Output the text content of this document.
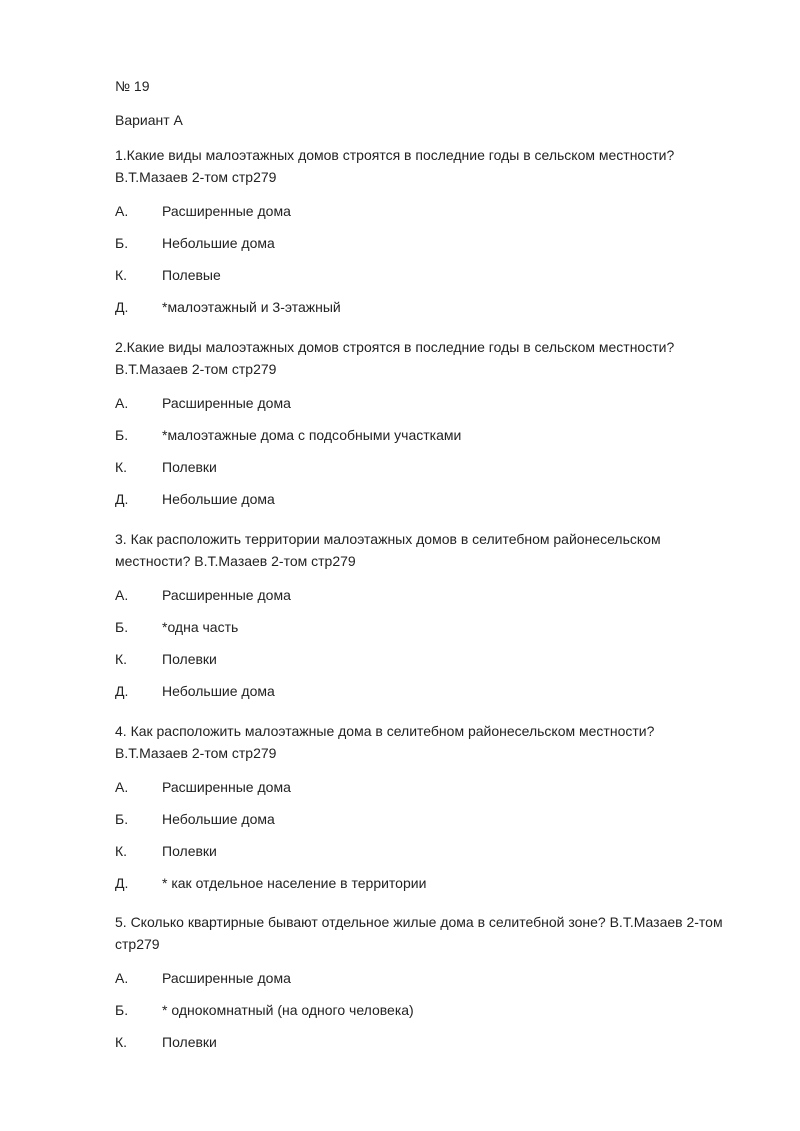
№ 19
Вариант А

1.Какие виды малоэтажных домов строятся в последние годы в сельском местности? В.Т.Мазаев 2-том стр279

А. Расширенные дома
Б. Небольшие дома
К. Полевые
Д. *малоэтажный и 3-этажный

2.Какие виды малоэтажных домов строятся в последние годы в сельском местности? В.Т.Мазаев 2-том стр279

А. Расширенные дома
Б. *малоэтажные дома с подсобными участками
К. Полевки
Д. Небольшие дома

3. Как расположить территории малоэтажных домов в селитебном районесельском местности? В.Т.Мазаев 2-том стр279

А. Расширенные дома
Б. *одна часть
К. Полевки
Д. Небольшие дома

4. Как расположить малоэтажные дома в селитебном районесельском местности? В.Т.Мазаев 2-том стр279

А. Расширенные дома
Б. Небольшие дома
К. Полевки
Д. * как отдельное население в территории

5. Сколько квартирные бывают отдельное жилые дома в селитебной зоне? В.Т.Мазаев 2-том стр279

А. Расширенные дома
Б. * однокомнатный (на одного человека)
К. Полевки
